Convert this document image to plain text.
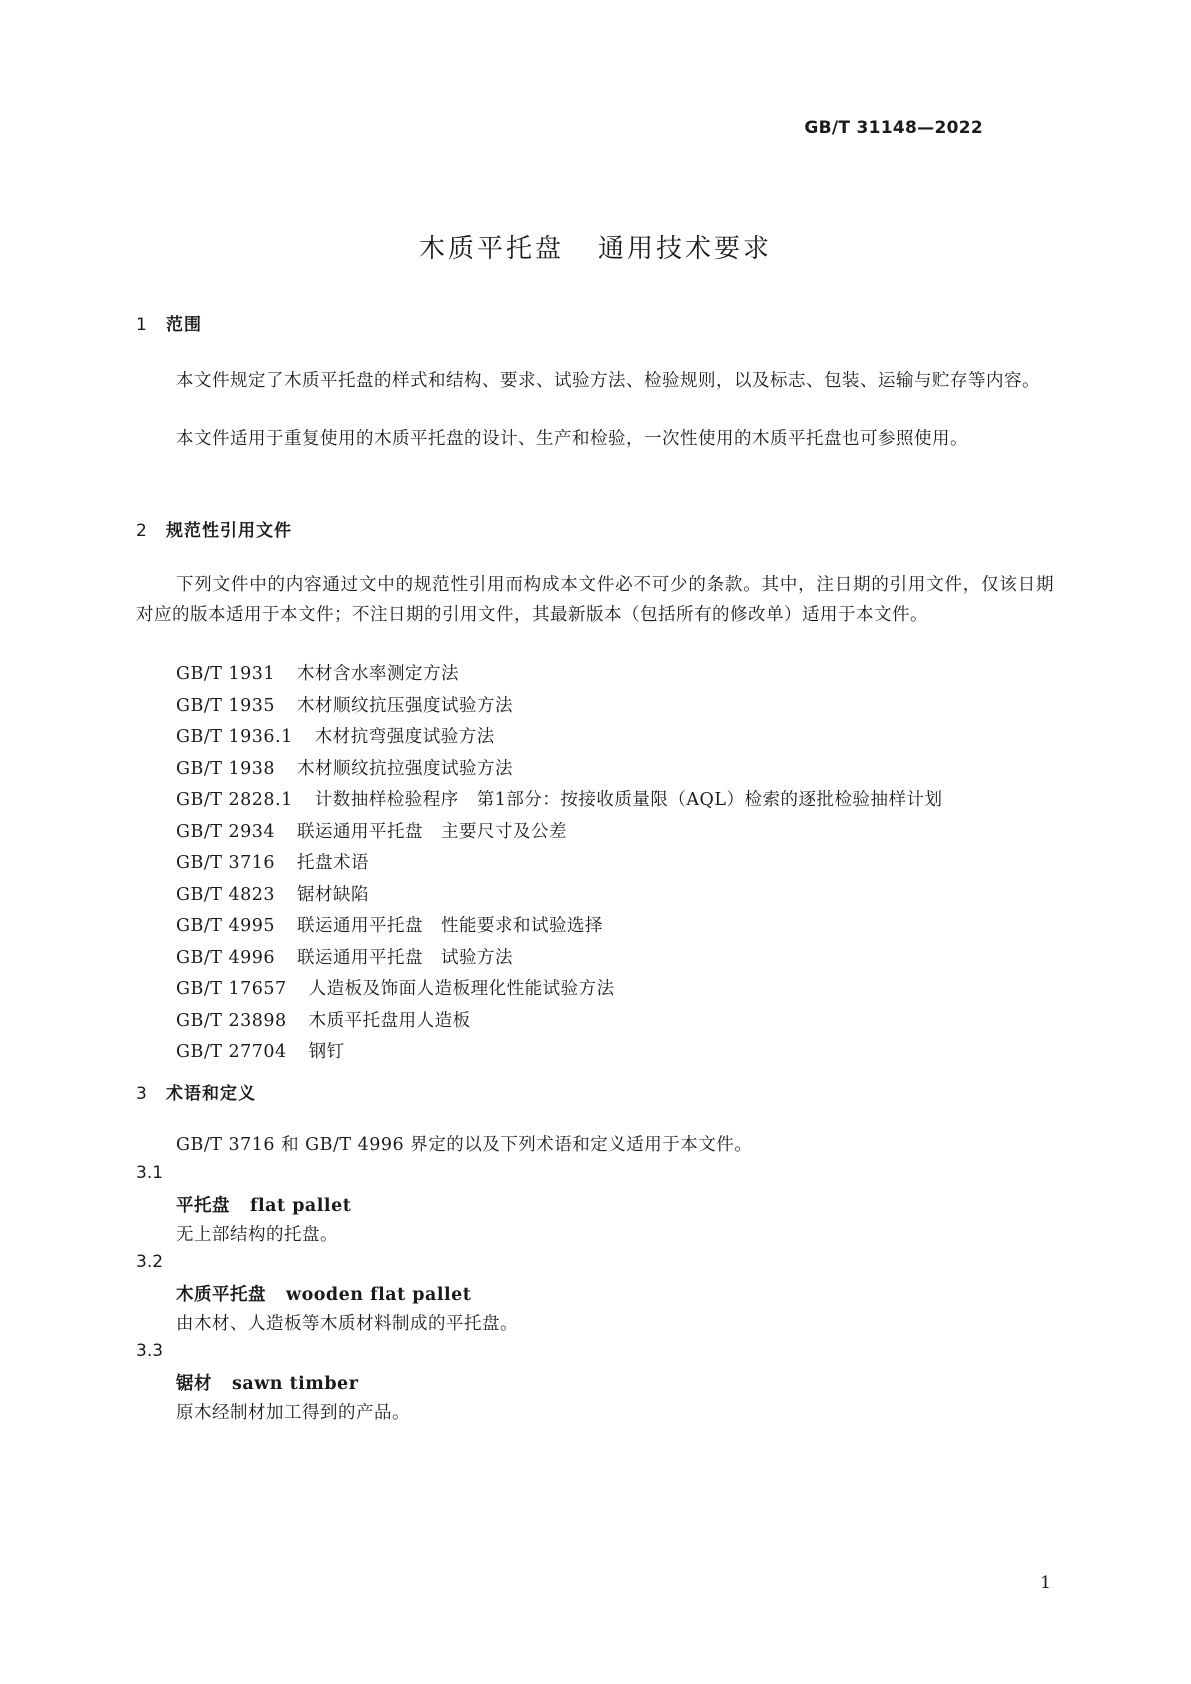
GB/T 31148—2022
木质平托盘 通用技术要求
1 范围
本文件规定了木质平托盘的样式和结构、要求、试验方法、检验规则，以及标志、包装、运输与贮存等内容。
本文件适用于重复使用的木质平托盘的设计、生产和检验，一次性使用的木质平托盘也可参照使用。
2 规范性引用文件
下列文件中的内容通过文中的规范性引用而构成本文件必不可少的条款。其中，注日期的引用文件，仅该日期对应的版本适用于本文件；不注日期的引用文件，其最新版本（包括所有的修改单）适用于本文件。
GB/T 1931 木材含水率测定方法
GB/T 1935 木材顺纹抗压强度试验方法
GB/T 1936.1 木材抗弯强度试验方法
GB/T 1938 木材顺纹抗拉强度试验方法
GB/T 2828.1 计数抽样检验程序　第1部分：按接收质量限（AQL）检索的逐批检验抽样计划
GB/T 2934 联运通用平托盘　主要尺寸及公差
GB/T 3716 托盘术语
GB/T 4823 锯材缺陷
GB/T 4995 联运通用平托盘　性能要求和试验选择
GB/T 4996 联运通用平托盘　试验方法
GB/T 17657 人造板及饰面人造板理化性能试验方法
GB/T 23898 木质平托盘用人造板
GB/T 27704 钢钉
3 术语和定义
GB/T 3716 和 GB/T 4996 界定的以及下列术语和定义适用于本文件。
3.1
平托盘 flat pallet
无上部结构的托盘。
3.2
木质平托盘 wooden flat pallet
由木材、人造板等木质材料制成的平托盘。
3.3
锯材 sawn timber
原木经制材加工得到的产品。
1
